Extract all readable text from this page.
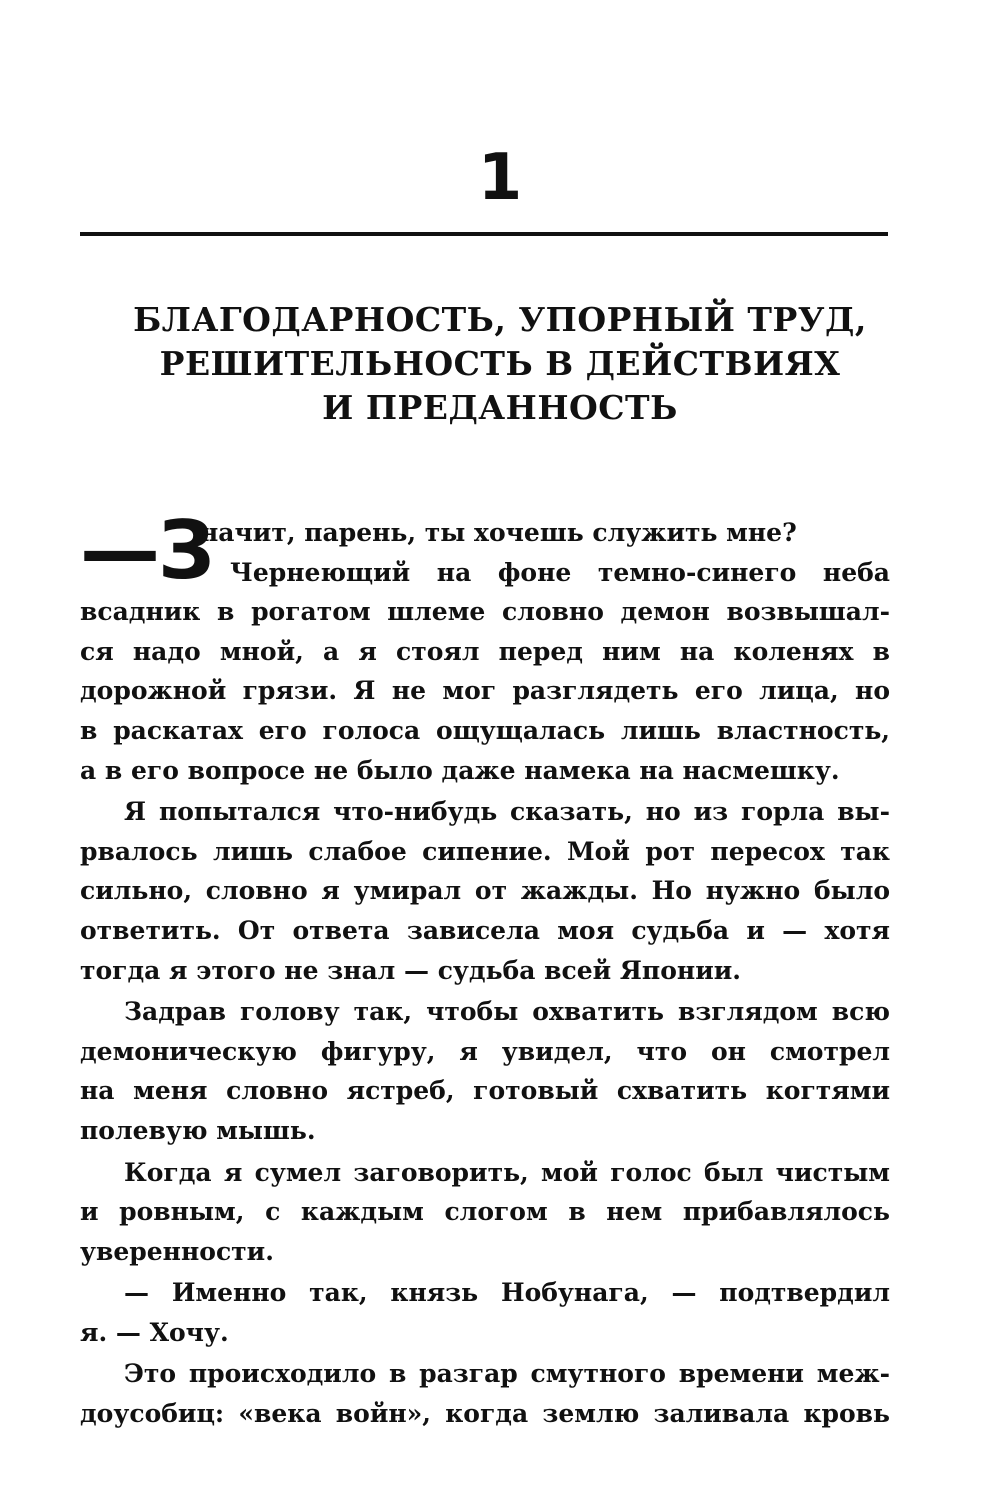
1
БЛАГОДАРНОСТЬ, УПОРНЫЙ ТРУД,
РЕШИТЕЛЬНОСТЬ В ДЕЙСТВИЯХ
И ПРЕДАННОСТЬ
—З
начит, парень, ты хочешь служить мне?
Чернеющий на фоне темно-синего неба
всадник в рогатом шлеме словно демон возвышал-
ся надо мной, а я стоял перед ним на коленях в
дорожной грязи. Я не мог разглядеть его лица, но
в раскатах его голоса ощущалась лишь властность,
а в его вопросе не было даже намека на насмешку.
Я попытался что-нибудь сказать, но из горла вы-
рвалось лишь слабое сипение. Мой рот пересох так
сильно, словно я умирал от жажды. Но нужно было
ответить. От ответа зависела моя судьба и — хотя
тогда я этого не знал — судьба всей Японии.
Задрав голову так, чтобы охватить взглядом всю
демоническую фигуру, я увидел, что он смотрел
на меня словно ястреб, готовый схватить когтями
полевую мышь.
Когда я сумел заговорить, мой голос был чистым
и ровным, с каждым слогом в нем прибавлялось
уверенности.
— Именно так, князь Нобунага, — подтвердил
я. — Хочу.
Это происходило в разгар смутного времени меж-
доусобиц: «века войн», когда землю заливала кровь
